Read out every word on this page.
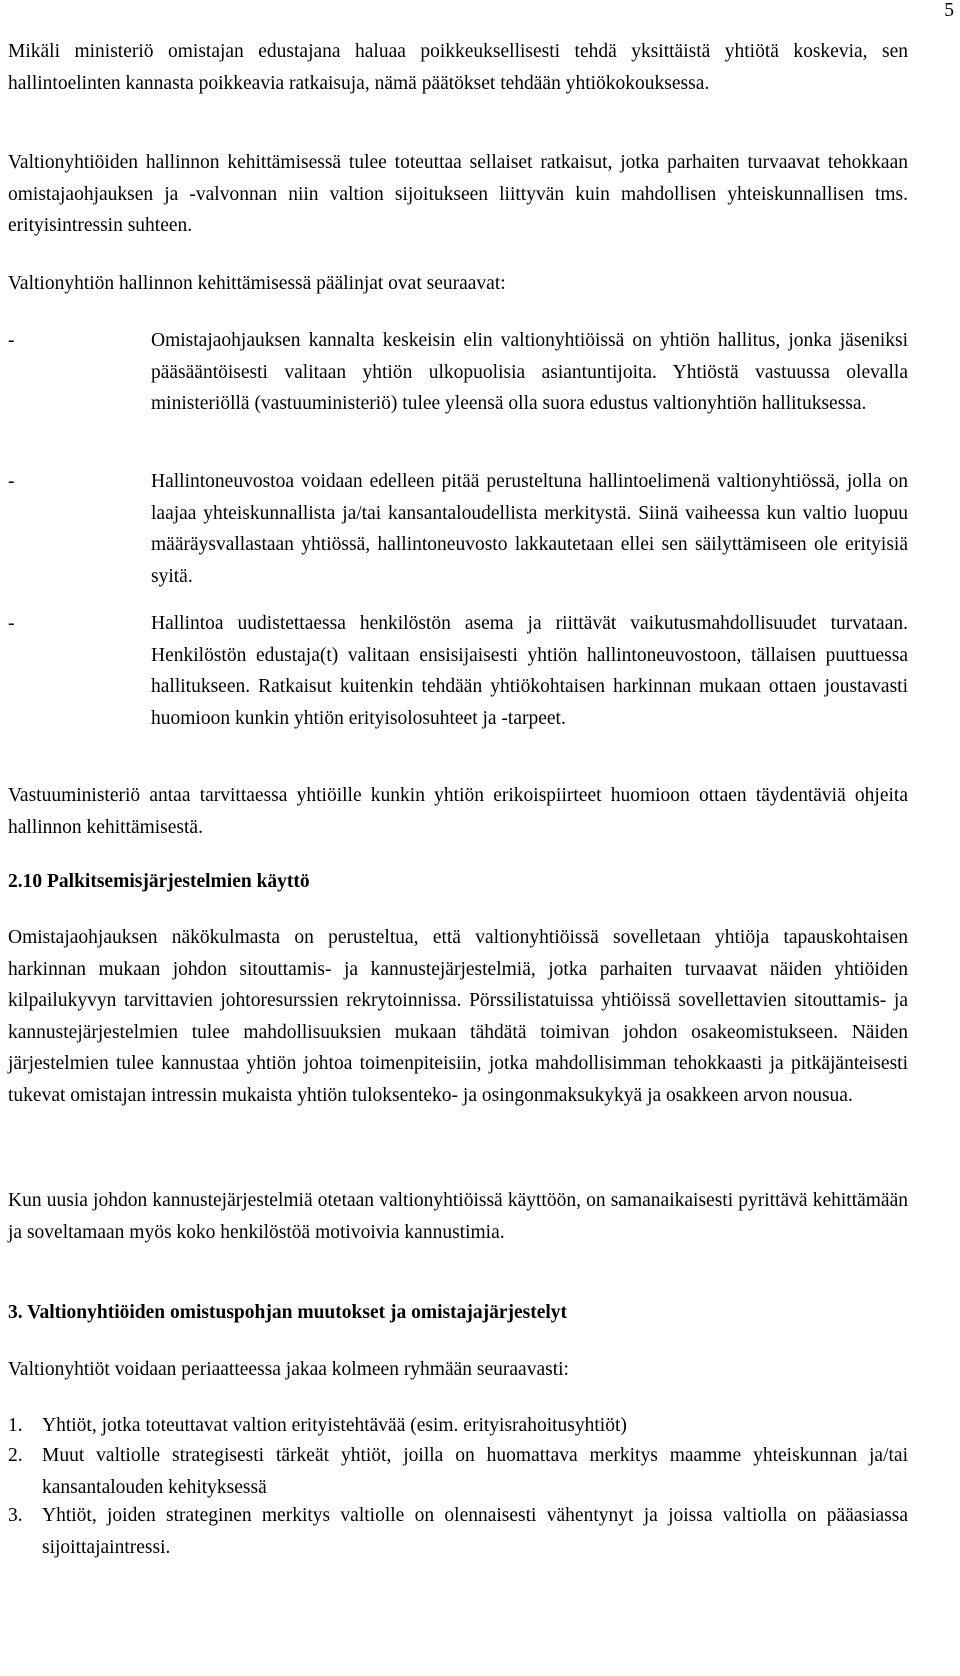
5

Mikäli ministeriö omistajan edustajana haluaa poikkeuksellisesti tehdä yksittäistä yhtiötä koskevia, sen hallintoelinten kannasta poikkeavia ratkaisuja, nämä päätökset tehdään yhtiökokouksessa.

Valtionyhtiöiden hallinnon kehittämisessä tulee toteuttaa sellaiset ratkaisut, jotka parhaiten turvaavat tehokkaan omistajaohjauksen ja -valvonnan niin valtion sijoitukseen liittyvän kuin mahdollisen yhteiskunnallisen tms. erityisintressin suhteen.

Valtionyhtiön hallinnon kehittämisessä päälinjat ovat seuraavat:

-	Omistajaohjauksen kannalta keskeisin elin valtionyhtiöissä on yhtiön hallitus, jonka jäseniksi pääsääntöisesti valitaan yhtiön ulkopuolisia asiantuntijoita. Yhtiöstä vastuussa olevalla ministeriöllä (vastuuministeriö) tulee yleensä olla suora edustus valtionyhtiön hallituksessa.
-	Hallintoneuvostoa voidaan edelleen pitää perusteltuna hallintoelimenä valtionyhtiössä, jolla on laajaa yhteiskunnallista ja/tai kansantaloudellista merkitystä. Siinä vaiheessa kun valtio luopuu määräysvallastaan yhtiössä, hallintoneuvosto lakkautetaan ellei sen säilyttämiseen ole erityisiä syitä.
-	Hallintoa uudistettaessa henkilöstön asema ja riittävät vaikutusmahdollisuudet turvataan. Henkilöstön edustaja(t) valitaan ensisijaisesti yhtiön hallintoneuvostoon, tällaisen puuttuessa hallitukseen. Ratkaisut kuitenkin tehdään yhtiökohtaisen harkinnan mukaan ottaen joustavasti huomioon kunkin yhtiön erityisolosuhteet ja -tarpeet.

Vastuuministeriö antaa tarvittaessa yhtiöille kunkin yhtiön erikoispiirteet huomioon ottaen täydentäviä ohjeita hallinnon kehittämisestä.

2.10 Palkitsemisjärjestelmien käyttö

Omistajaohjauksen näkökulmasta on perusteltua, että valtionyhtiöissä sovelletaan yhtiöja tapauskohtaisen harkinnan mukaan johdon sitouttamis- ja kannustejärjestelmiä, jotka parhaiten turvaavat näiden yhtiöiden kilpailukyvyn tarvittavien johtoresurssien rekrytoinnissa. Pörssilistatuissa yhtiöissä sovellettavien sitouttamis- ja kannustejärjestelmien tulee mahdollisuuksien mukaan tähdätä toimivan johdon osakeomistukseen. Näiden järjestelmien tulee kannustaa yhtiön johtoa toimenpiteisiin, jotka mahdollisimman tehokkaasti ja pitkäjänteisesti tukevat omistajan intressin mukaista yhtiön tuloksenteko- ja osingonmaksukykyä ja osakkeen arvon nousua.

Kun uusia johdon kannustejärjestelmiä otetaan valtionyhtiöissä käyttöön, on samanaikaisesti pyrittävä kehittämään ja soveltamaan myös koko henkilöstöä motivoivia kannustimia.

3. Valtionyhtiöiden omistuspohjan muutokset ja omistajajärjestelyt

Valtionyhtiöt voidaan periaatteessa jakaa kolmeen ryhmään seuraavasti:

1. Yhtiöt, jotka toteuttavat valtion erityistehtävää (esim. erityisrahoitusyhtiöt)
2. Muut valtiolle strategisesti tärkeät yhtiöt, joilla on huomattava merkitys maamme yhteiskunnan ja/tai kansantalouden kehityksessä
3. Yhtiöt, joiden strateginen merkitys valtiolle on olennaisesti vähentynyt ja joissa valtiolla on pääasiassa sijoittajaintressi.
